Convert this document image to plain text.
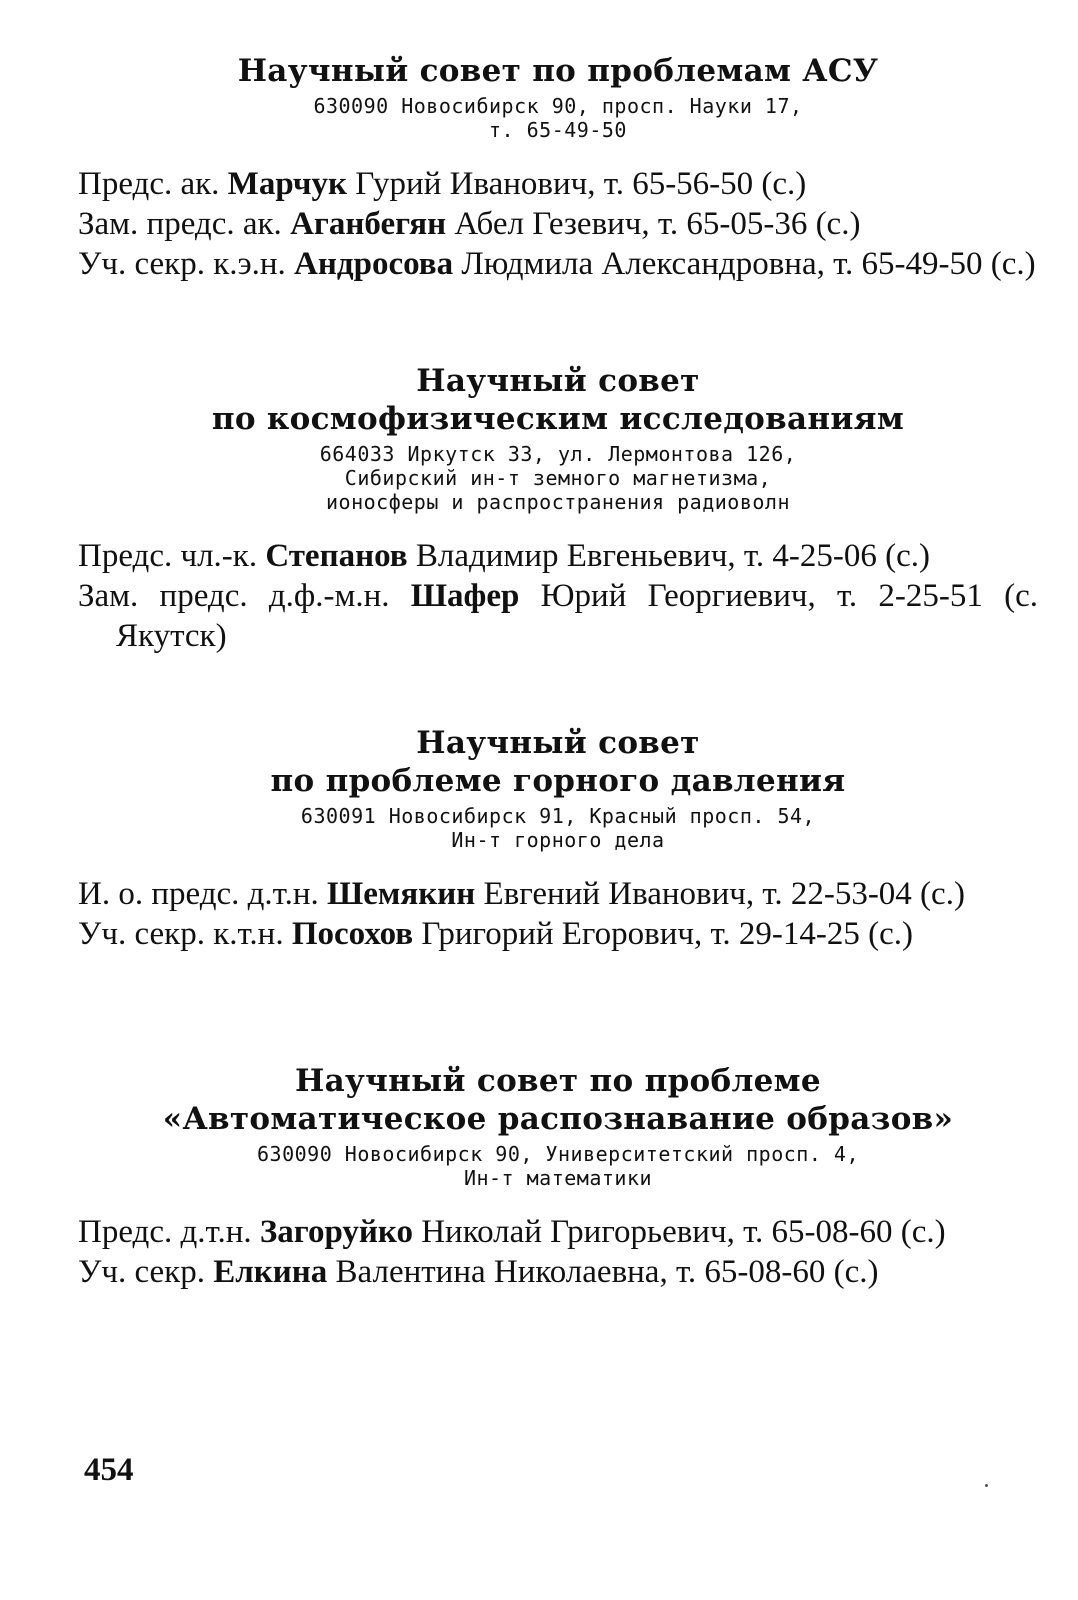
Научный совет по проблемам АСУ
630090 Новосибирск 90, просп. Науки 17,
т. 65-49-50
Предс. ак. Марчук Гурий Иванович, т. 65-56-50 (с.)
Зам. предс. ак. Аганбегян Абел Гезевич, т. 65-05-36 (с.)
Уч. секр. к.э.н. Андросова Людмила Александровна, т. 65-49-50 (с.)
Научный совет
по космофизическим исследованиям
664033 Иркутск 33, ул. Лермонтова 126,
Сибирский ин-т земного магнетизма,
ионосферы и распространения радиоволн
Предс. чл.-к. Степанов Владимир Евгеньевич, т. 4-25-06 (с.)
Зам. предс. д.ф.-м.н. Шафер Юрий Георгиевич, т. 2-25-51 (с. Якутск)
Научный совет
по проблеме горного давления
630091 Новосибирск 91, Красный просп. 54,
Ин-т горного дела
И. о. предс. д.т.н. Шемякин Евгений Иванович, т. 22-53-04 (с.)
Уч. секр. к.т.н. Посохов Григорий Егорович, т. 29-14-25 (с.)
Научный совет по проблеме
«Автоматическое распознавание образов»
630090 Новосибирск 90, Университетский просп. 4,
Ин-т математики
Предс. д.т.н. Загоруйко Николай Григорьевич, т. 65-08-60 (с.)
Уч. секр. Елкина Валентина Николаевна, т. 65-08-60 (с.)
454
